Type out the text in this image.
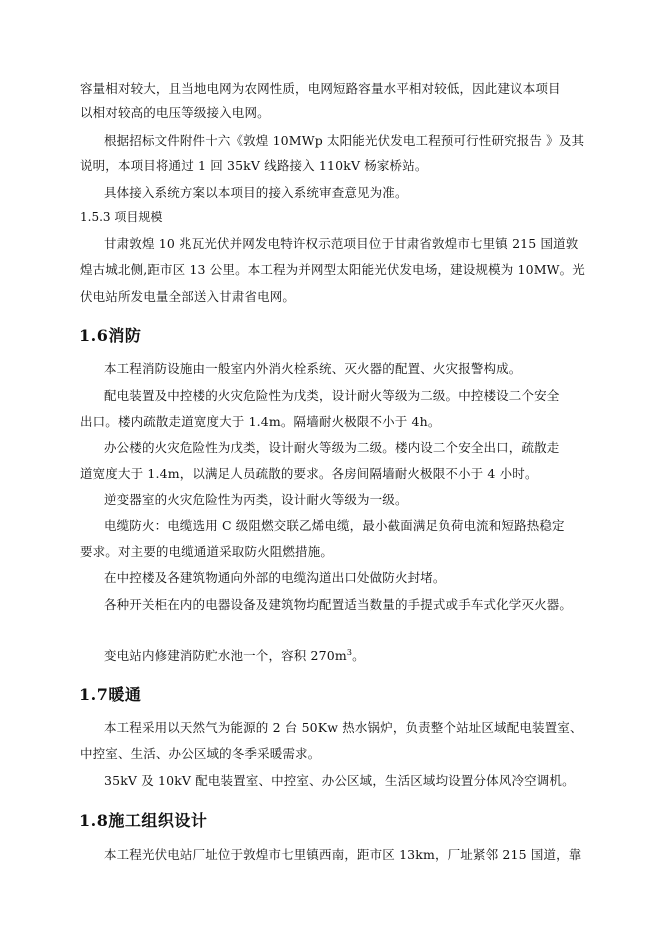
容量相对较大，且当地电网为农网性质，电网短路容量水平相对较低，因此建议本项目
以相对较高的电压等级接入电网。
根据招标文件附件十六《敦煌 10MWp 太阳能光伏发电工程预可行性研究报告 》及其
说明，本项目将通过 1 回 35kV 线路接入 110kV 杨家桥站。
具体接入系统方案以本项目的接入系统审查意见为准。
1.5.3 项目规模
甘肃敦煌 10 兆瓦光伏并网发电特许权示范项目位于甘肃省敦煌市七里镇 215 国道敦
煌古城北侧,距市区 13 公里。本工程为并网型太阳能光伏发电场，建设规模为 10MW。光
伏电站所发电量全部送入甘肃省电网。
1.6消防
本工程消防设施由一般室内外消火栓系统、灭火器的配置、火灾报警构成。
配电装置及中控楼的火灾危险性为戊类，设计耐火等级为二级。中控楼设二个安全
出口。楼内疏散走道宽度大于 1.4m。隔墙耐火极限不小于 4h。
办公楼的火灾危险性为戊类，设计耐火等级为二级。楼内设二个安全出口，疏散走
道宽度大于 1.4m，以满足人员疏散的要求。各房间隔墙耐火极限不小于 4 小时。
逆变器室的火灾危险性为丙类，设计耐火等级为一级。
电缆防火：电缆选用 C 级阻燃交联乙烯电缆，最小截面满足负荷电流和短路热稳定
要求。对主要的电缆通道采取防火阻燃措施。
在中控楼及各建筑物通向外部的电缆沟道出口处做防火封堵。
各种开关柜在内的电器设备及建筑物均配置适当数量的手提式或手车式化学灭火器。
变电站内修建消防贮水池一个，容积 $270m^3$。
1.7暖通
本工程采用以天然气为能源的 2 台 50Kw 热水锅炉，负责整个站址区域配电装置室、
中控室、生活、办公区域的冬季采暖需求。
35kV 及 10kV 配电装置室、中控室、办公区域，生活区域均设置分体风冷空调机。
1.8施工组织设计
本工程光伏电站厂址位于敦煌市七里镇西南，距市区 13km，厂址紧邻 215 国道，靠
